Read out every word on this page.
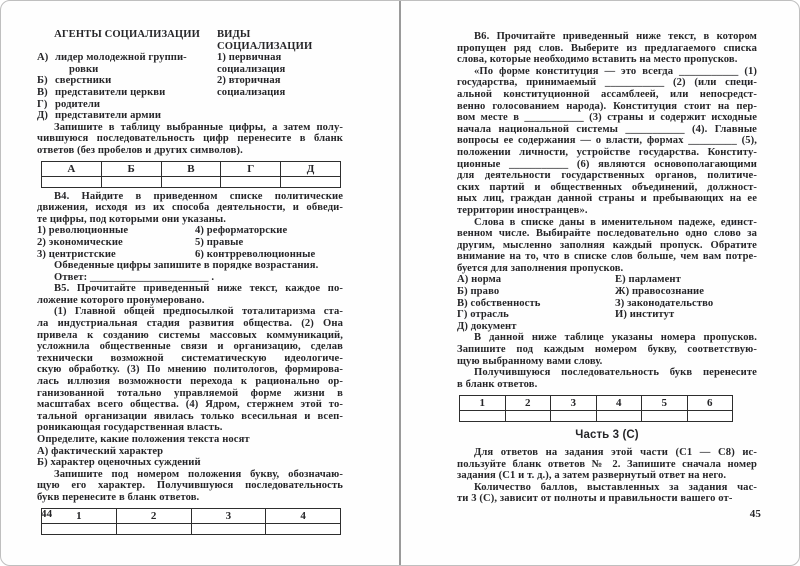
АГЕНТЫ СОЦИАЛИЗАЦИИ	ВИДЫ СОЦИАЛИЗАЦИИ
А) лидер молодежной группи-
ровки
Б) сверстники
В) представители церкви
Г) родители
Д) представители армии
1) первичная социализация
2) вторичная социализация
Запишите в таблицу выбранные цифры, а затем полу-
чившуюся последовательность цифр перенесите в бланк
ответов (без пробелов и других символов).
А	Б	В	Г	Д
В4. Найдите в приведенном списке политические
движения, исходя из их способа деятельности, и обведи-
те цифры, под которыми они указаны.
1) революционные
2) экономические
3) центристские
4) реформаторские
5) правые
6) контрреволюционные
Обведенные цифры запишите в порядке возрастания.
Ответ: ______________________ .
В5. Прочитайте приведенный ниже текст, каждое по-
ложение которого пронумеровано.
(1) Главной общей предпосылкой тоталитаризма ста-
ла индустриальная стадия развития общества. (2) Она
привела к созданию системы массовых коммуникаций,
усложнила общественные связи и организацию, сделав
технически возможной систематическую идеологиче-
скую обработку. (3) По мнению политологов, формирова-
лась иллюзия возможности перехода к рационально ор-
ганизованной тотально управляемой форме жизни в
масштабах всего общества. (4) Ядром, стержнем этой то-
тальной организации явилась только всесильная и всеп-
роникающая государственная власть.
Определите, какие положения текста носят
А) фактический характер
Б) характер оценочных суждений
Запишите под номером положения букву, обозначаю-
щую его характер. Получившуюся последовательность
букв перенесите в бланк ответов.
1	2	3	4
В6. Прочитайте приведенный ниже текст, в котором
пропущен ряд слов. Выберите из предлагаемого списка
слова, которые необходимо вставить на место пропусков.
«По форме конституция — это всегда ___________ (1)
государства, принимаемый ___________ (2) (или специ-
альной конституционной ассамблеей, или непосредст-
венно голосованием народа). Конституция стоит на пер-
вом месте в ___________ (3) страны и содержит исходные
начала национальной системы ___________ (4). Главные
вопросы ее содержания — о власти, формах _________ (5),
положении личности, устройстве государства. Конститу-
ционные ___________ (6) являются основополагающими
для деятельности государственных органов, политиче-
ских партий и общественных объединений, должност-
ных лиц, граждан данной страны и пребывающих на ее
территории иностранцев».
Слова в списке даны в именительном падеже, единст-
венном числе. Выбирайте последовательно одно слово за
другим, мысленно заполняя каждый пропуск. Обратите
внимание на то, что в списке слов больше, чем вам потре-
буется для заполнения пропусков.
А) норма
Б) право
В) собственность
Г) отрасль
Д) документ
Е) парламент
Ж) правосознание
З) законодательство
И) институт
В данной ниже таблице указаны номера пропусков.
Запишите под каждым номером букву, соответствую-
щую выбранному вами слову.
Получившуюся последовательность букв перенесите
в бланк ответов.
1	2	3	4	5	6
Часть 3 (С)
Для ответов на задания этой части (С1 — С8) ис-
пользуйте бланк ответов № 2. Запишите сначала номер
задания (С1 и т. д.), а затем развернутый ответ на него.
Количество баллов, выставленных за задания час-
ти 3 (С), зависит от полноты и правильности вашего от-
44	45
